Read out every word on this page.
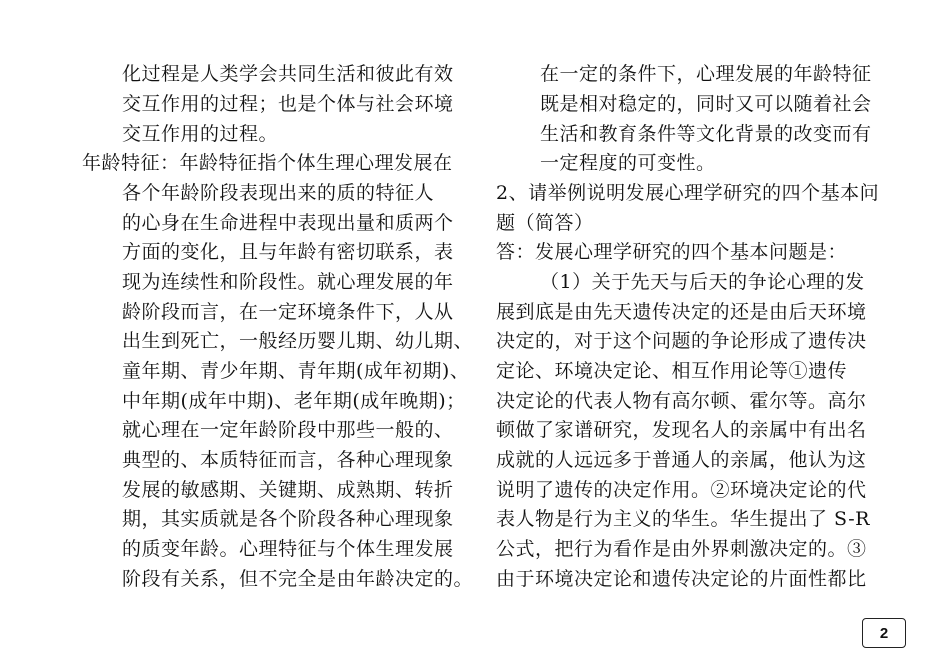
化过程是人类学会共同生活和彼此有效
交互作用的过程；也是个体与社会环境
交互作用的过程。
年龄特征：年龄特征指个体生理心理发展在
各个年龄阶段表现出来的质的特征人
的心身在生命进程中表现出量和质两个
方面的变化，且与年龄有密切联系，表
现为连续性和阶段性。就心理发展的年
龄阶段而言，在一定环境条件下，人从
出生到死亡，一般经历婴儿期、幼儿期、
童年期、青少年期、青年期(成年初期)、
中年期(成年中期)、老年期(成年晚期)；
就心理在一定年龄阶段中那些一般的、
典型的、本质特征而言，各种心理现象
发展的敏感期、关键期、成熟期、转折
期，其实质就是各个阶段各种心理现象
的质变年龄。心理特征与个体生理发展
阶段有关系，但不完全是由年龄决定的。
在一定的条件下，心理发展的年龄特征
既是相对稳定的，同时又可以随着社会
生活和教育条件等文化背景的改变而有
一定程度的可变性。
2、请举例说明发展心理学研究的四个基本问
题（简答）
答：发展心理学研究的四个基本问题是：
（1）关于先天与后天的争论心理的发
展到底是由先天遗传决定的还是由后天环境
决定的，对于这个问题的争论形成了遗传决
定论、环境决定论、相互作用论等①遗传
决定论的代表人物有高尔顿、霍尔等。高尔
顿做了家谱研究，发现名人的亲属中有出名
成就的人远远多于普通人的亲属，他认为这
说明了遗传的决定作用。②环境决定论的代
表人物是行为主义的华生。华生提出了 S-R
公式，把行为看作是由外界刺激决定的。③
由于环境决定论和遗传决定论的片面性都比
2
